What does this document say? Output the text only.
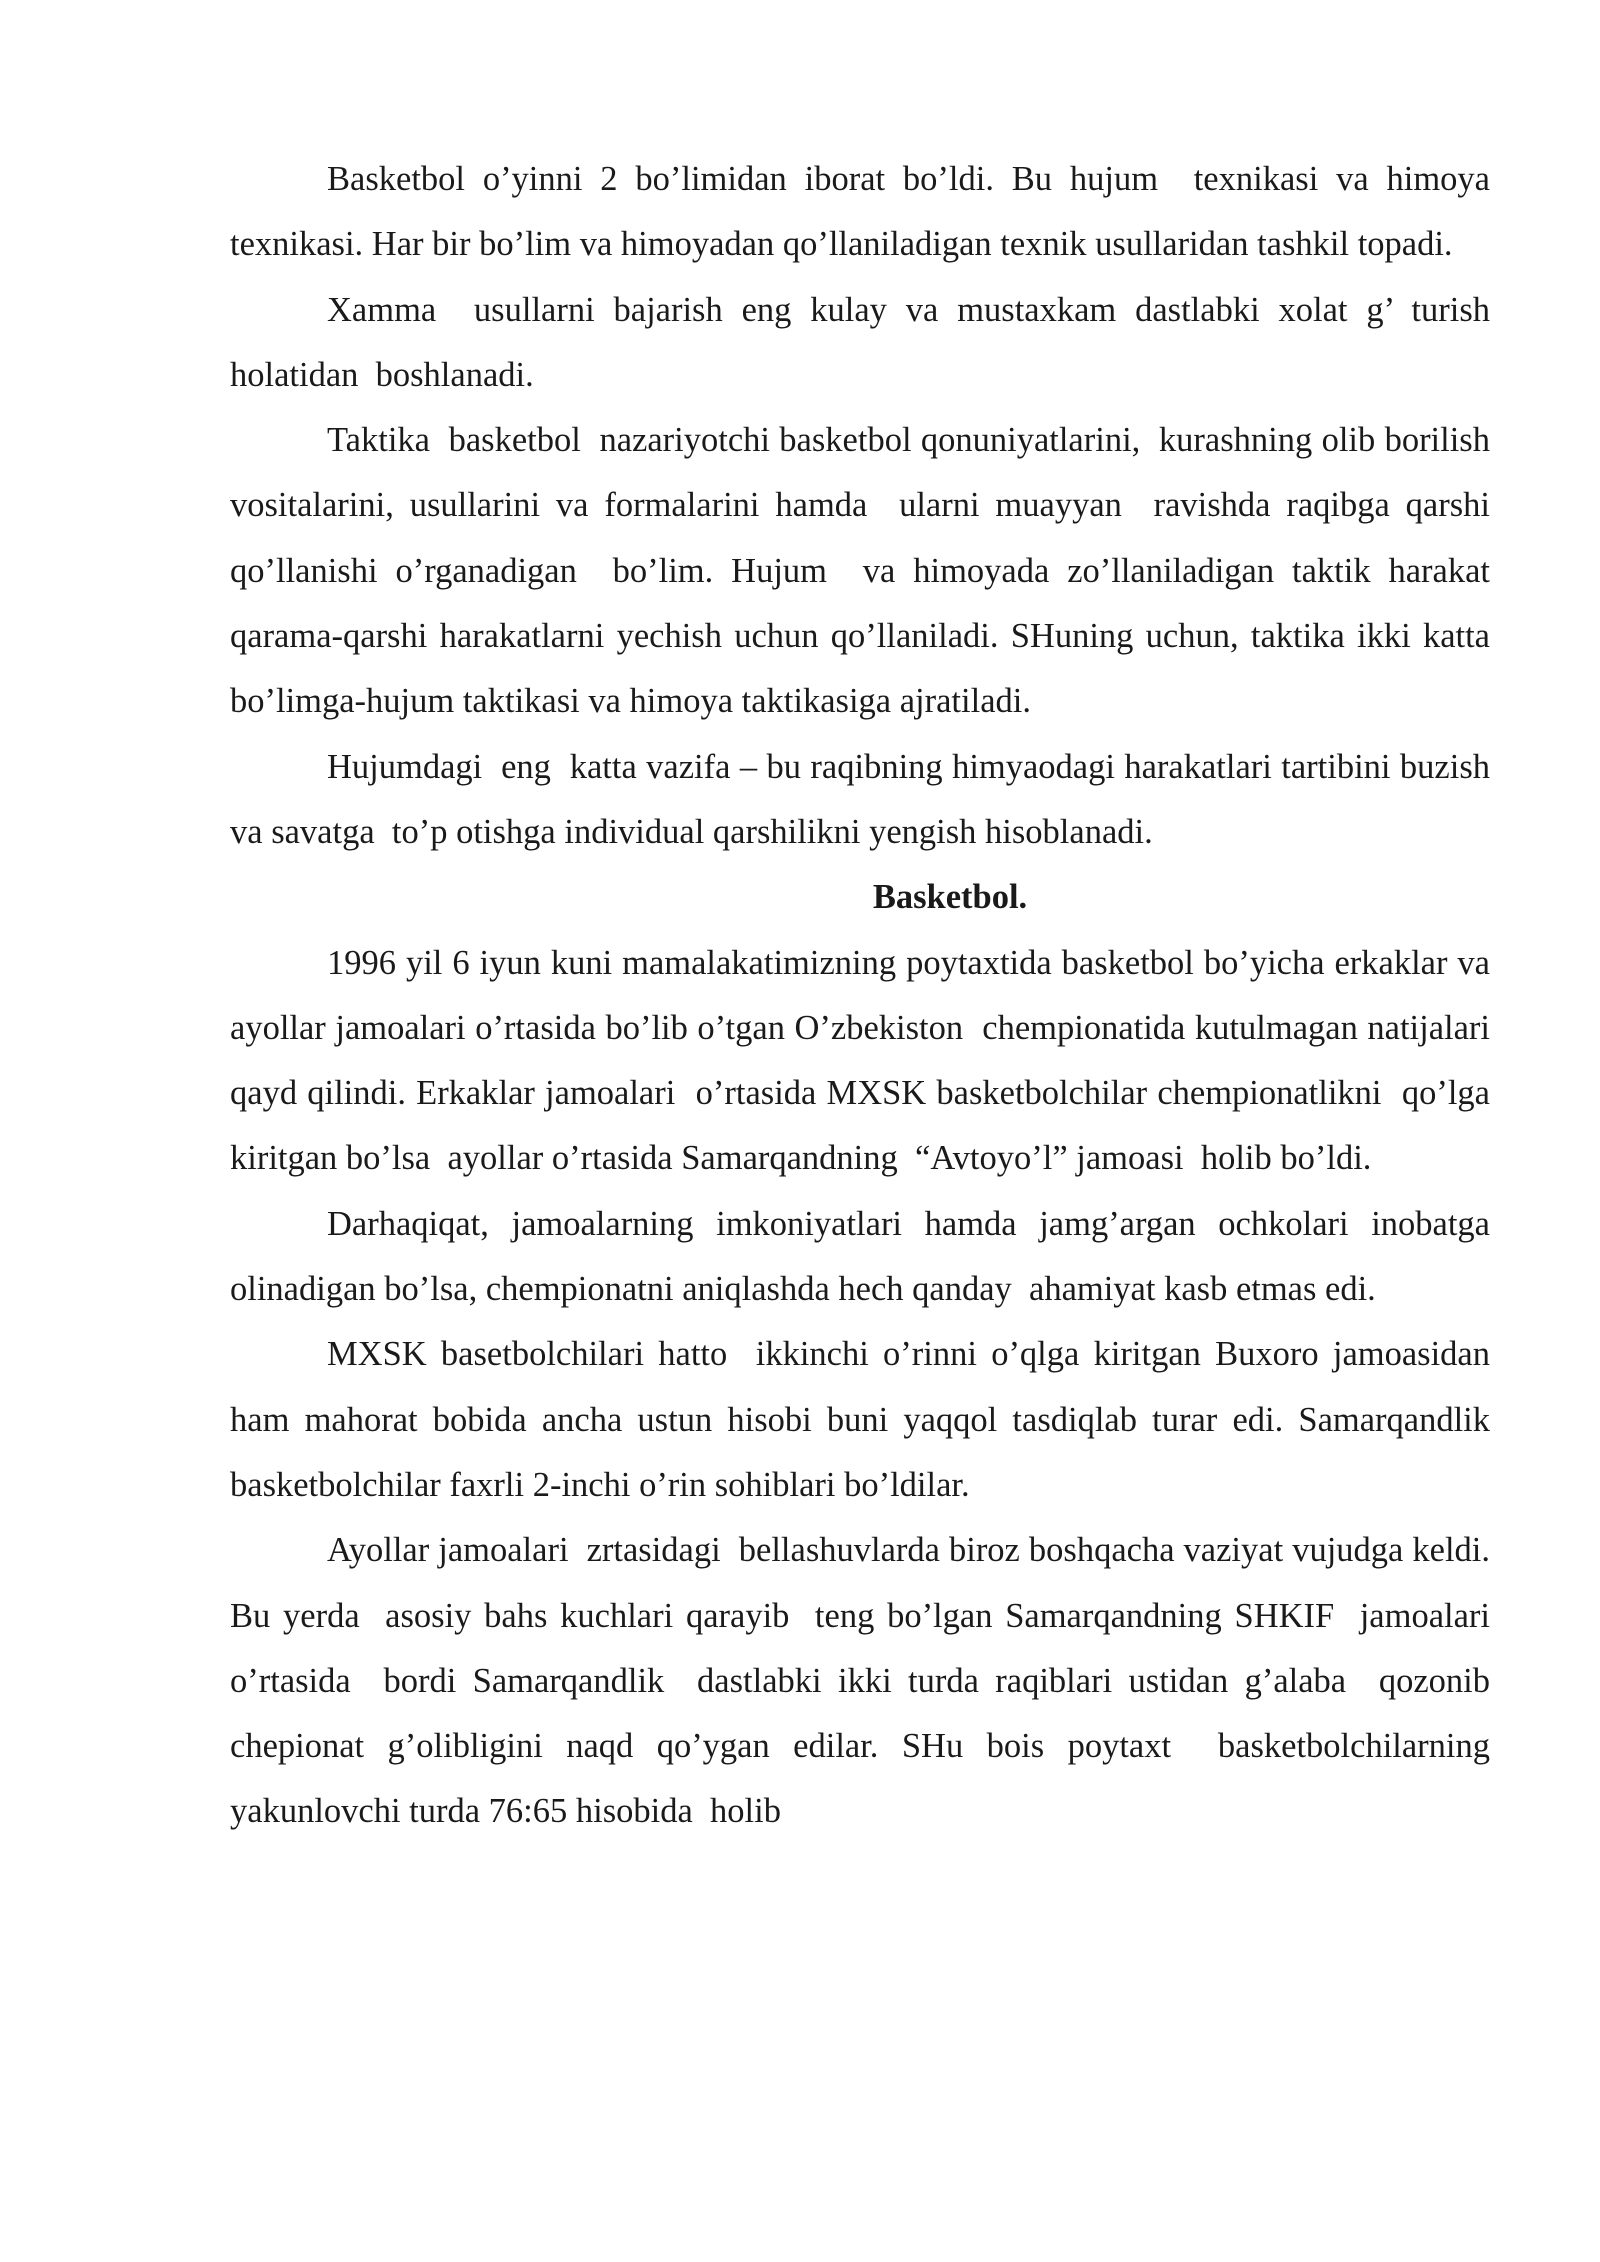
Basketbol o’yinni 2 bo’limidan iborat bo’ldi. Bu hujum  texnikasi va himoya texnikasi. Har bir bo’lim va himoyadan qo’llaniladigan texnik usullaridan tashkil topadi.

Xamma  usullarni bajarish eng kulay va mustaxkam dastlabki xolat g’ turish holatidan  boshlanadi.

Taktika  basketbol  nazariyotchi basketbol qonuniyatlarini,  kurashning olib borilish vositalarini, usullarini va formalarini hamda  ularni muayyan  ravishda raqibga qarshi qo’llanishi o’rganadigan  bo’lim. Hujum  va himoyada zo’llaniladigan taktik harakat  qarama-qarshi harakatlarni yechish uchun qo’llaniladi. SHuning uchun, taktika ikki katta bo’limga-hujum taktikasi va himoya taktikasiga ajratiladi.

Hujumdagi  eng  katta vazifa – bu raqibning himyaodagi harakatlari tartibini buzish va savatga  to’p otishga individual qarshilikni yengish hisoblanadi.

Basketbol.

1996 yil 6 iyun kuni mamalakatimizning poytaxtida basketbol bo’yicha erkaklar va ayollar jamoalari o’rtasida bo’lib o’tgan O’zbekiston  chempionatida kutulmagan natijalari qayd qilindi. Erkaklar jamoalari  o’rtasida MXSK basketbolchilar chempionatlikni  qo’lga kiritgan bo’lsa  ayollar o’rtasida Samarqandning  “Avtoyo’l” jamoasi  holib bo’ldi.

Darhaqiqat, jamoalarning imkoniyatlari hamda jamg’argan ochkolari inobatga olinadigan bo’lsa, chempionatni aniqlashda hech qanday  ahamiyat kasb etmas edi.

MXSK basetbolchilari hatto  ikkinchi o’rinni o’qlga kiritgan Buxoro jamoasidan  ham mahorat bobida ancha ustun hisobi buni yaqqol tasdiqlab turar edi. Samarqandlik basketbolchilar faxrli 2-inchi o’rin sohiblari bo’ldilar.

Ayollar jamoalari  zrtasidagi  bellashuvlarda biroz boshqacha vaziyat vujudga keldi. Bu yerda  asosiy bahs kuchlari qarayib  teng bo’lgan Samarqandning SHKIF  jamoalari  o’rtasida  bordi Samarqandlik  dastlabki ikki turda raqiblari ustidan g’alaba  qozonib chepionat g’olibligini naqd qo’ygan edilar. SHu bois poytaxt  basketbolchilarning yakunlovchi turda 76:65 hisobida  holib
